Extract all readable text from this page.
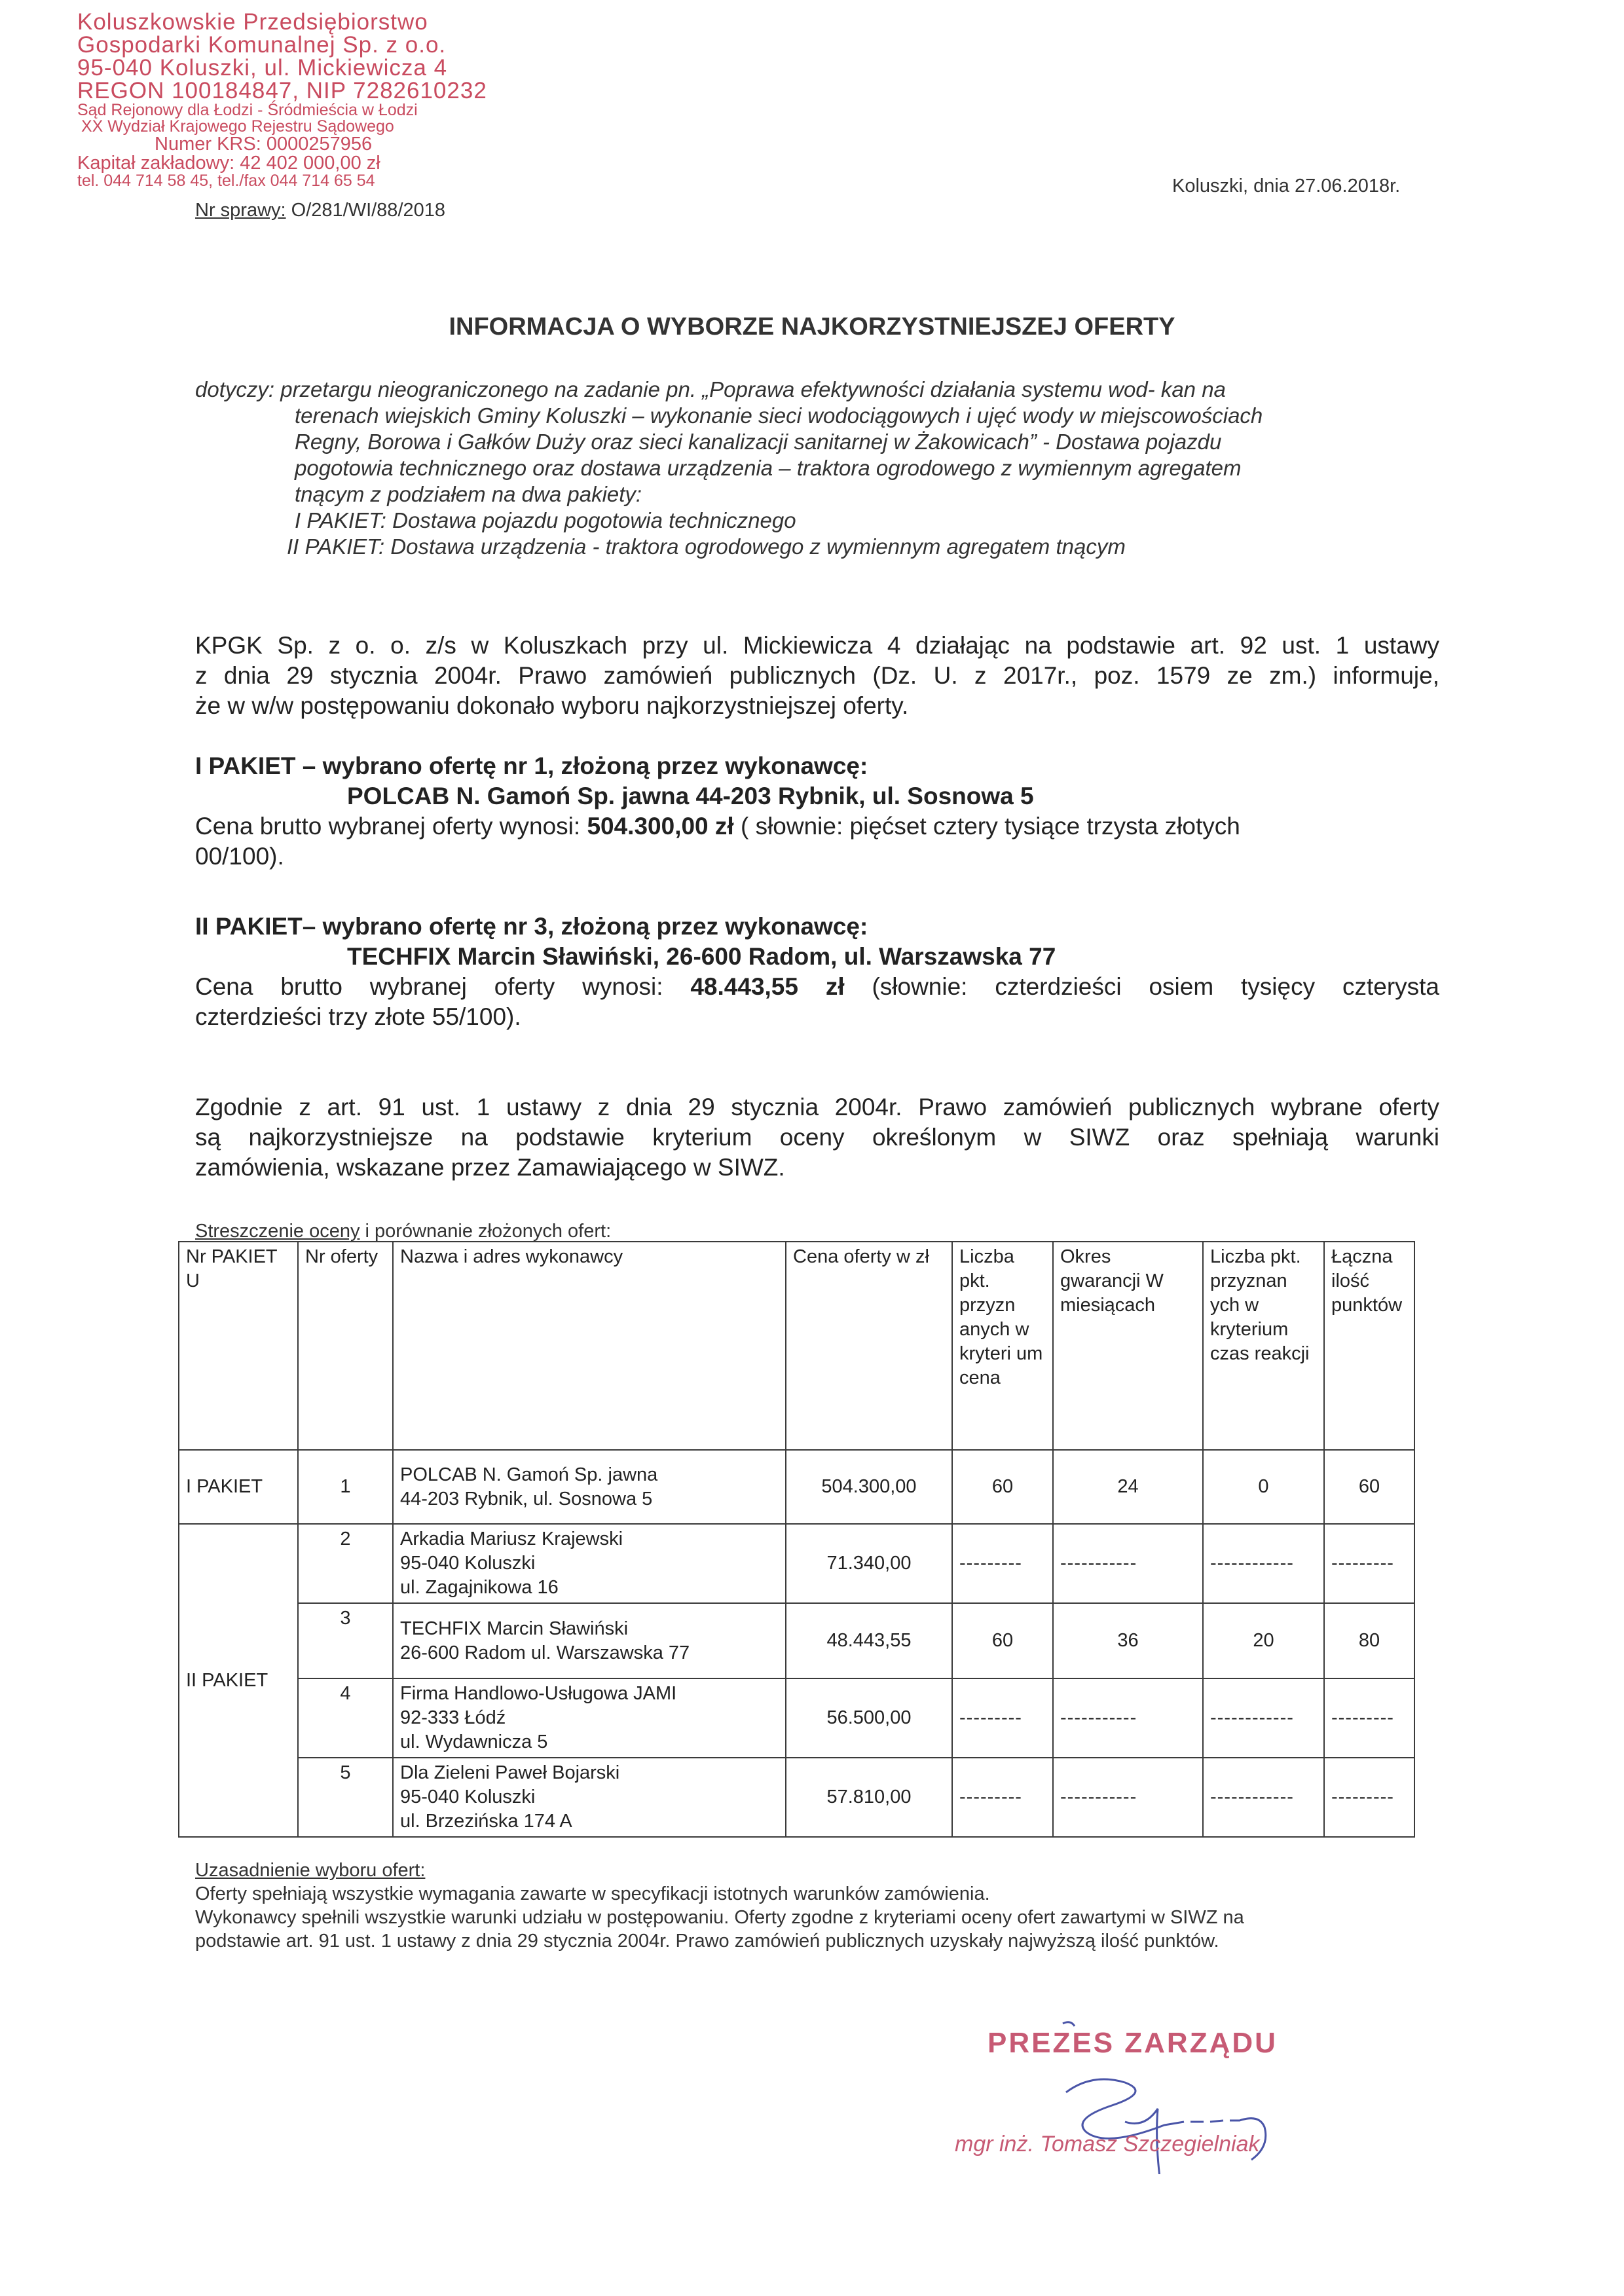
Koluszkowskie Przedsiębiorstwo
Gospodarki Komunalnej Sp. z o.o.
95-040 Koluszki, ul. Mickiewicza 4
REGON 100184847, NIP 7282610232
Sąd Rejonowy dla Łodzi - Śródmieścia w Łodzi
XX Wydział Krajowego Rejestru Sądowego
Numer KRS: 0000257956
Kapitał zakładowy: 42 402 000,00 zł
tel. 044 714 58 45, tel./fax 044 714 65 54
Nr sprawy: O/281/WI/88/2018
Koluszki, dnia 27.06.2018r.
INFORMACJA O WYBORZE NAJKORZYSTNIEJSZEJ OFERTY
dotyczy: przetargu nieograniczonego na zadanie pn. „Poprawa efektywności działania systemu wod- kan na
terenach wiejskich Gminy Koluszki – wykonanie sieci wodociągowych i ujęć wody w miejscowościach
Regny, Borowa i Gałków Duży oraz sieci kanalizacji sanitarnej w Żakowicach” - Dostawa pojazdu
pogotowia technicznego oraz dostawa urządzenia – traktora ogrodowego z wymiennym agregatem
tnącym z podziałem na dwa pakiety:
I PAKIET: Dostawa pojazdu pogotowia technicznego
II PAKIET: Dostawa urządzenia - traktora ogrodowego z wymiennym agregatem tnącym
KPGK Sp. z o. o. z/s w Koluszkach przy ul. Mickiewicza 4 działając na podstawie art. 92 ust. 1 ustawy
z dnia 29 stycznia 2004r. Prawo zamówień publicznych (Dz. U. z 2017r., poz. 1579 ze zm.) informuje,
że w w/w postępowaniu dokonało wyboru najkorzystniejszej oferty.
I PAKIET – wybrano ofertę nr 1, złożoną przez wykonawcę:
POLCAB N. Gamoń Sp. jawna 44-203 Rybnik, ul. Sosnowa 5
Cena brutto wybranej oferty wynosi: 504.300,00 zł ( słownie: pięćset cztery tysiące trzysta złotych
00/100).
II PAKIET– wybrano ofertę nr 3, złożoną przez wykonawcę:
TECHFIX Marcin Sławiński, 26-600 Radom, ul. Warszawska 77
Cena brutto wybranej oferty wynosi: 48.443,55 zł (słownie: czterdzieści osiem tysięcy czterysta
czterdzieści trzy złote 55/100).
Zgodnie z art. 91 ust. 1 ustawy z dnia 29 stycznia 2004r. Prawo zamówień publicznych wybrane oferty
są najkorzystniejsze na podstawie kryterium oceny określonym w SIWZ oraz spełniają warunki
zamówienia, wskazane przez Zamawiającego w SIWZ.
Streszczenie oceny i porównanie złożonych ofert:
Nr PAKIET U	Nr oferty	Nazwa i adres wykonawcy	Cena oferty w zł	Liczba pkt. przyzn anych w kryteri um cena	Okres gwarancji W miesiącach	Liczba pkt. przyznan ych w kryterium czas reakcji	Łączna ilość punktów
I PAKIET	1	POLCAB N. Gamoń Sp. jawna
44-203 Rybnik, ul. Sosnowa 5	504.300,00	60	24	0	60
II PAKIET	2	Arkadia Mariusz Krajewski
95-040 Koluszki
ul. Zagajnikowa 16	71.340,00	---------	-----------	------------	---------
	3	TECHFIX Marcin Sławiński
26-600 Radom ul. Warszawska 77	48.443,55	60	36	20	80
	4	Firma Handlowo-Usługowa JAMI
92-333 Łódź
ul. Wydawnicza 5	56.500,00	---------	-----------	------------	---------
	5	Dla Zieleni Paweł Bojarski
95-040 Koluszki
ul. Brzezińska 174 A	57.810,00	---------	-----------	------------	---------
Uzasadnienie wyboru ofert:
Oferty spełniają wszystkie wymagania zawarte w specyfikacji istotnych warunków zamówienia.
Wykonawcy spełnili wszystkie warunki udziału w postępowaniu. Oferty zgodne z kryteriami oceny ofert zawartymi w SIWZ na
podstawie art. 91 ust. 1 ustawy z dnia 29 stycznia 2004r. Prawo zamówień publicznych uzyskały najwyższą ilość punktów.
PREZES ZARZĄDU
mgr inż. Tomasz Szczegielniak
